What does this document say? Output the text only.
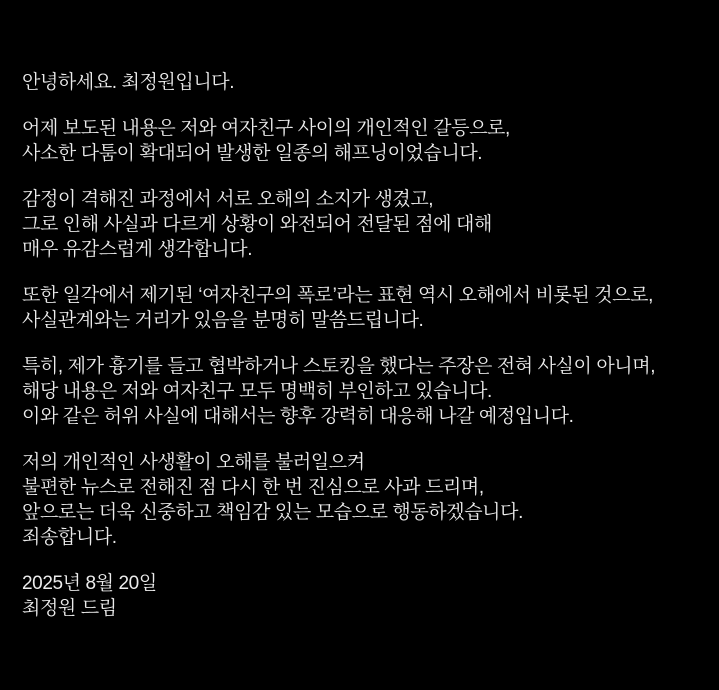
안녕하세요. 최정원입니다.

어제 보도된 내용은 저와 여자친구 사이의 개인적인 갈등으로,
사소한 다툼이 확대되어 발생한 일종의 해프닝이었습니다.

감정이 격해진 과정에서 서로 오해의 소지가 생겼고,
그로 인해 사실과 다르게 상황이 와전되어 전달된 점에 대해
매우 유감스럽게 생각합니다.

또한 일각에서 제기된 ‘여자친구의 폭로’라는 표현 역시 오해에서 비롯된 것으로,
사실관계와는 거리가 있음을 분명히 말씀드립니다.

특히, 제가 흉기를 들고 협박하거나 스토킹을 했다는 주장은 전혀 사실이 아니며,
해당 내용은 저와 여자친구 모두 명백히 부인하고 있습니다.
이와 같은 허위 사실에 대해서는 향후 강력히 대응해 나갈 예정입니다.

저의 개인적인 사생활이 오해를 불러일으켜
불편한 뉴스로 전해진 점 다시 한 번 진심으로 사과 드리며,
앞으로는 더욱 신중하고 책임감 있는 모습으로 행동하겠습니다.
죄송합니다.

2025년 8월 20일
최정원 드림
